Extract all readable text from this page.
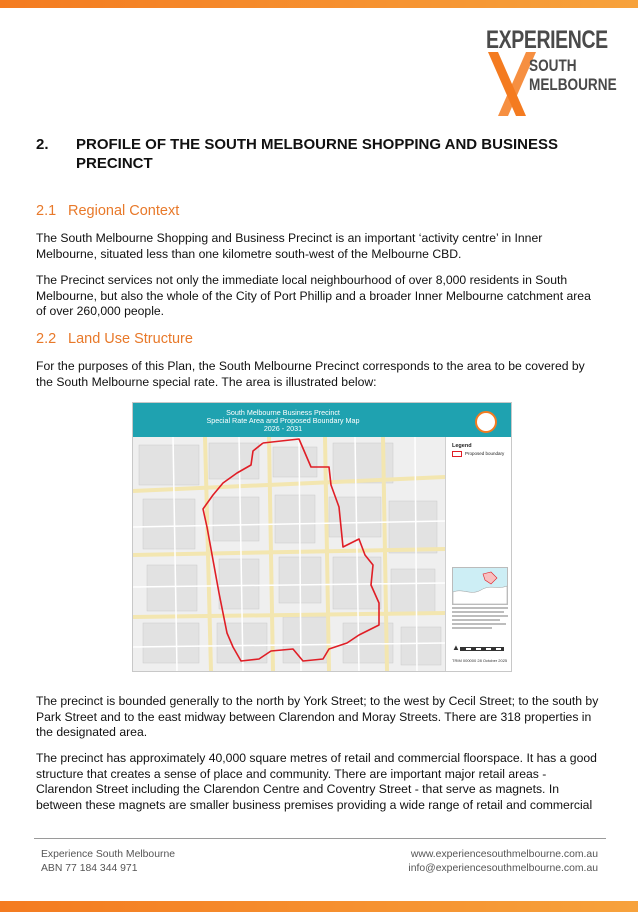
EXPERIENCE
SOUTH
MELBOURNE
2. PROFILE OF THE SOUTH MELBOURNE SHOPPING AND BUSINESS PRECINCT
2.1 Regional Context

The South Melbourne Shopping and Business Precinct is an important ‘activity centre’ in Inner Melbourne, situated less than one kilometre south-west of the Melbourne CBD.

The Precinct services not only the immediate local neighbourhood of over 8,000 residents in South Melbourne, but also the whole of the City of Port Phillip and a broader Inner Melbourne catchment area of over 260,000 people.

2.2 Land Use Structure

For the purposes of this Plan, the South Melbourne Precinct corresponds to the area to be covered by the South Melbourne special rate. The area is illustrated below:

South Melbourne Business Precinct
Special Rate Area and Proposed Boundary Map
2026 - 2031
Legend
Proposed boundary
▲
TRIM 000000 28 October 2025

The precinct is bounded generally to the north by York Street; to the west by Cecil Street; to the south by Park Street and to the east midway between Clarendon and Moray Streets. There are 318 properties in the designated area.

The precinct has approximately 40,000 square metres of retail and commercial floorspace. It has a good structure that creates a sense of place and community. There are important major retail areas - Clarendon Street including the Clarendon Centre and Coventry Street - that serve as magnets. In between these magnets are smaller business premises providing a wide range of retail and commercial

Experience South Melbourne
ABN 77 184 344 971
www.experiencesouthmelbourne.com.au
info@experiencesouthmelbourne.com.au
